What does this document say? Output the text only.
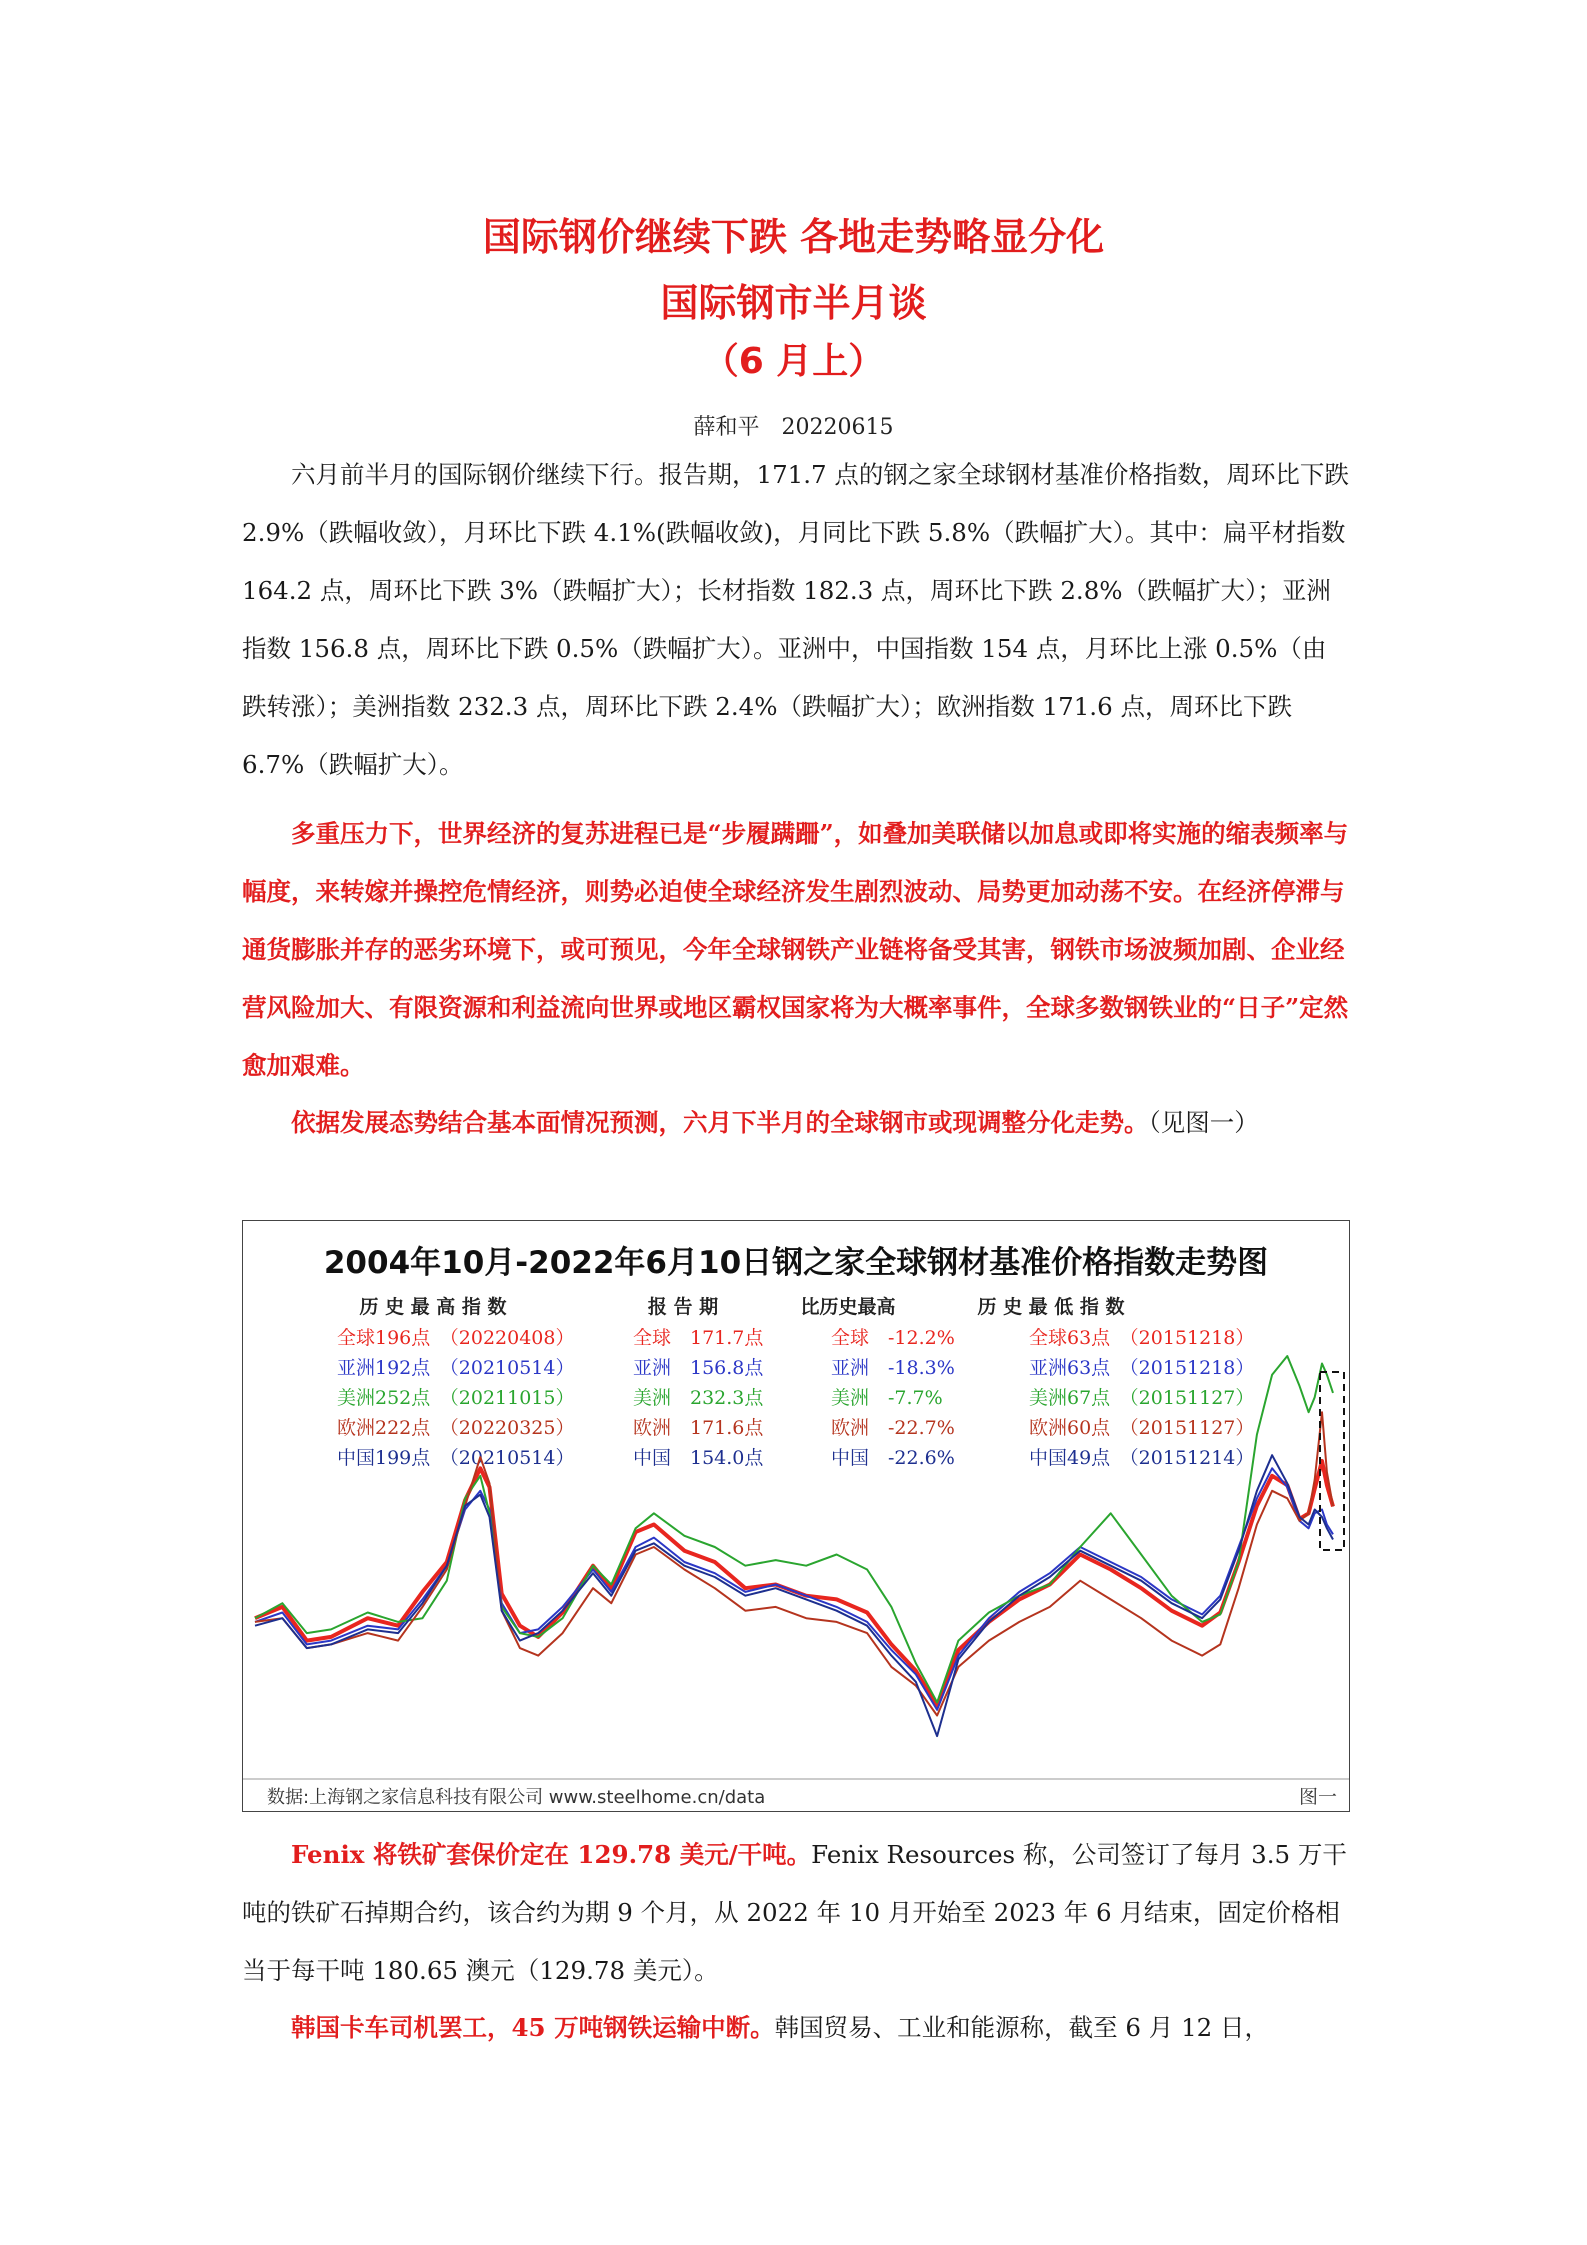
国际钢价继续下跌 各地走势略显分化
国际钢市半月谈
（6 月上）
薛和平　20220615

六月前半月的国际钢价继续下行。报告期，171.7 点的钢之家全球钢材基准价格指数，周环比下跌 2.9%（跌幅收敛），月环比下跌 4.1%(跌幅收敛)，月同比下跌 5.8%（跌幅扩大）。其中：扁平材指数 164.2 点，周环比下跌 3%（跌幅扩大）；长材指数 182.3 点，周环比下跌 2.8%（跌幅扩大）；亚洲指数 156.8 点，周环比下跌 0.5%（跌幅扩大）。亚洲中，中国指数 154 点，月环比上涨 0.5%（由跌转涨）；美洲指数 232.3 点，周环比下跌 2.4%（跌幅扩大）；欧洲指数 171.6 点，周环比下跌 6.7%（跌幅扩大）。

多重压力下，世界经济的复苏进程已是“步履蹒跚”，如叠加美联储以加息或即将实施的缩表频率与幅度，来转嫁并操控危情经济，则势必迫使全球经济发生剧烈波动、局势更加动荡不安。在经济停滞与通货膨胀并存的恶劣环境下，或可预见，今年全球钢铁产业链将备受其害，钢铁市场波频加剧、企业经营风险加大、有限资源和利益流向世界或地区霸权国家将为大概率事件，全球多数钢铁业的“日子”定然愈加艰难。

依据发展态势结合基本面情况预测，六月下半月的全球钢市或现调整分化走势。（见图一）

2004年10月-2022年6月10日钢之家全球钢材基准价格指数走势图
历 史 最 高 指 数	报 告 期	比历史最高	历 史 最 低 指 数
全球196点　（20220408）	全球　171.7点	全球　-12.2%	全球63点　（20151218）
亚洲192点　（20210514）	亚洲　156.8点	亚洲　-18.3%	亚洲63点　（20151218）
美洲252点　（20211015）	美洲　232.3点	美洲　-7.7%	美洲67点　（20151127）
欧洲222点　（20220325）	欧洲　171.6点	欧洲　-22.7%	欧洲60点　（20151127）
中国199点　（20210514）	中国　154.0点	中国　-22.6%	中国49点　（20151214）
数据:上海钢之家信息科技有限公司 www.steelhome.cn/data	图一

Fenix 将铁矿套保价定在 129.78 美元/干吨。Fenix Resources 称，公司签订了每月 3.5 万干吨的铁矿石掉期合约，该合约为期 9 个月，从 2022 年 10 月开始至 2023 年 6 月结束，固定价格相当于每干吨 180.65 澳元（129.78 美元）。

韩国卡车司机罢工，45 万吨钢铁运输中断。韩国贸易、工业和能源称，截至 6 月 12 日，
